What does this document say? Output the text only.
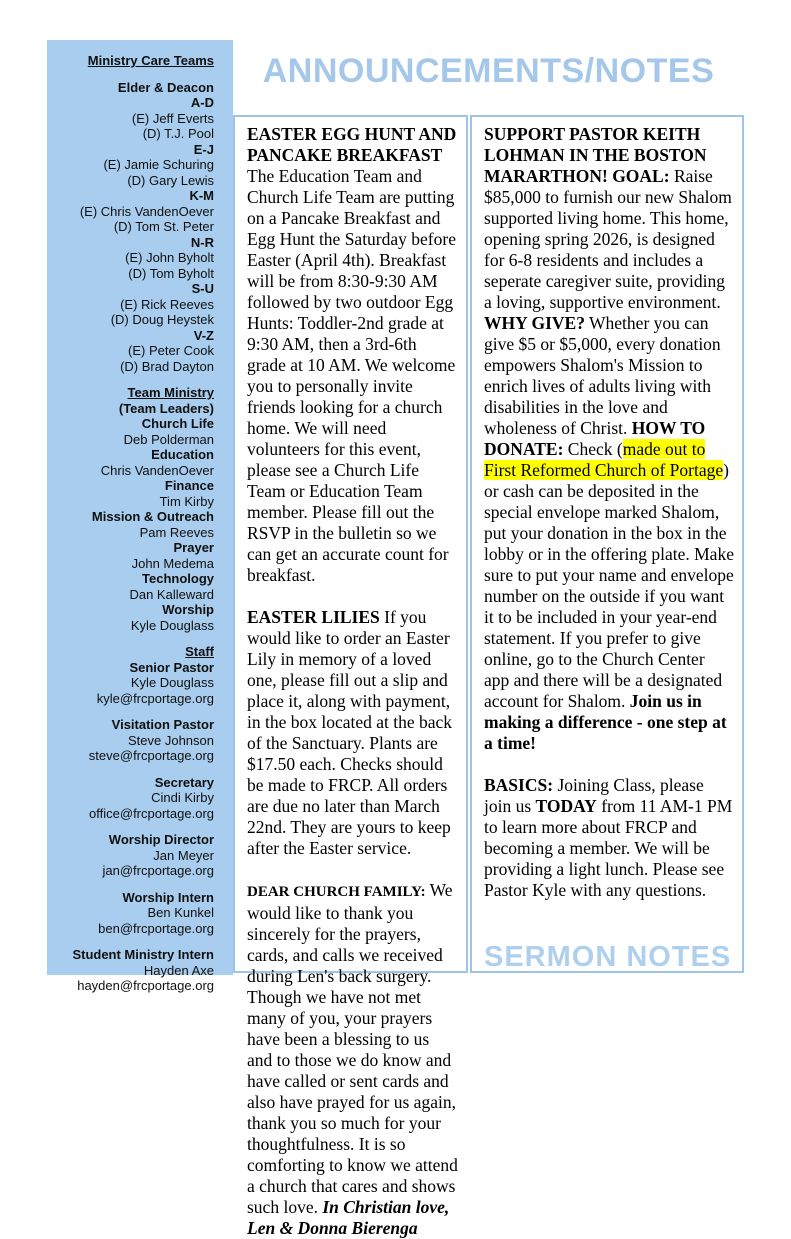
Ministry Care Teams
Elder & Deacon
A-D
(E) Jeff Everts
(D) T.J. Pool
E-J
(E) Jamie Schuring
(D) Gary Lewis
K-M
(E) Chris VandenOever
(D) Tom St. Peter
N-R
(E) John Byholt
(D) Tom Byholt
S-U
(E) Rick Reeves
(D) Doug Heystek
V-Z
(E) Peter Cook
(D) Brad Dayton
Team Ministry
(Team Leaders)
Church Life
Deb Polderman
Education
Chris VandenOever
Finance
Tim Kirby
Mission & Outreach
Pam Reeves
Prayer
John Medema
Technology
Dan Kalleward
Worship
Kyle Douglass
Staff
Senior Pastor
Kyle Douglass
kyle@frcportage.org
Visitation Pastor
Steve Johnson
steve@frcportage.org
Secretary
Cindi Kirby
office@frcportage.org
Worship Director
Jan Meyer
jan@frcportage.org
Worship Intern
Ben Kunkel
ben@frcportage.org
Student Ministry Intern
Hayden Axe
hayden@frcportage.org
ANNOUNCEMENTS/NOTES

EASTER EGG HUNT AND PANCAKE BREAKFAST The Education Team and Church Life Team are putting on a Pancake Breakfast and Egg Hunt the Saturday before Easter (April 4th). Breakfast will be from 8:30-9:30 AM followed by two outdoor Egg Hunts: Toddler-2nd grade at 9:30 AM, then a 3rd-6th grade at 10 AM. We welcome you to personally invite friends looking for a church home. We will need volunteers for this event, please see a Church Life Team or Education Team member. Please fill out the RSVP in the bulletin so we can get an accurate count for breakfast.

EASTER LILIES If you would like to order an Easter Lily in memory of a loved one, please fill out a slip and place it, along with payment, in the box located at the back of the Sanctuary. Plants are $17.50 each. Checks should be made to FRCP. All orders are due no later than March 22nd. They are yours to keep after the Easter service.

DEAR CHURCH FAMILY: We would like to thank you sincerely for the prayers, cards, and calls we received during Len's back surgery. Though we have not met many of you, your prayers have been a blessing to us and to those we do know and have called or sent cards and also have prayed for us again, thank you so much for your thoughtfulness. It is so comforting to know we attend a church that cares and shows such love. In Christian love, Len & Donna Bierenga

SUPPORT PASTOR KEITH LOHMAN IN THE BOSTON MARARTHON! GOAL: Raise $85,000 to furnish our new Shalom supported living home. This home, opening spring 2026, is designed for 6-8 residents and includes a seperate caregiver suite, providing a loving, supportive environment. WHY GIVE? Whether you can give $5 or $5,000, every donation empowers Shalom's Mission to enrich lives of adults living with disabilities in the love and wholeness of Christ. HOW TO DONATE: Check (made out to First Reformed Church of Portage) or cash can be deposited in the special envelope marked Shalom, put your donation in the box in the lobby or in the offering plate. Make sure to put your name and envelope number on the outside if you want it to be included in your year-end statement. If you prefer to give online, go to the Church Center app and there will be a designated account for Shalom. Join us in making a difference - one step at a time!

BASICS: Joining Class, please join us TODAY from 11 AM-1 PM to learn more about FRCP and becoming a member. We will be providing a light lunch. Please see Pastor Kyle with any questions.

SERMON NOTES
